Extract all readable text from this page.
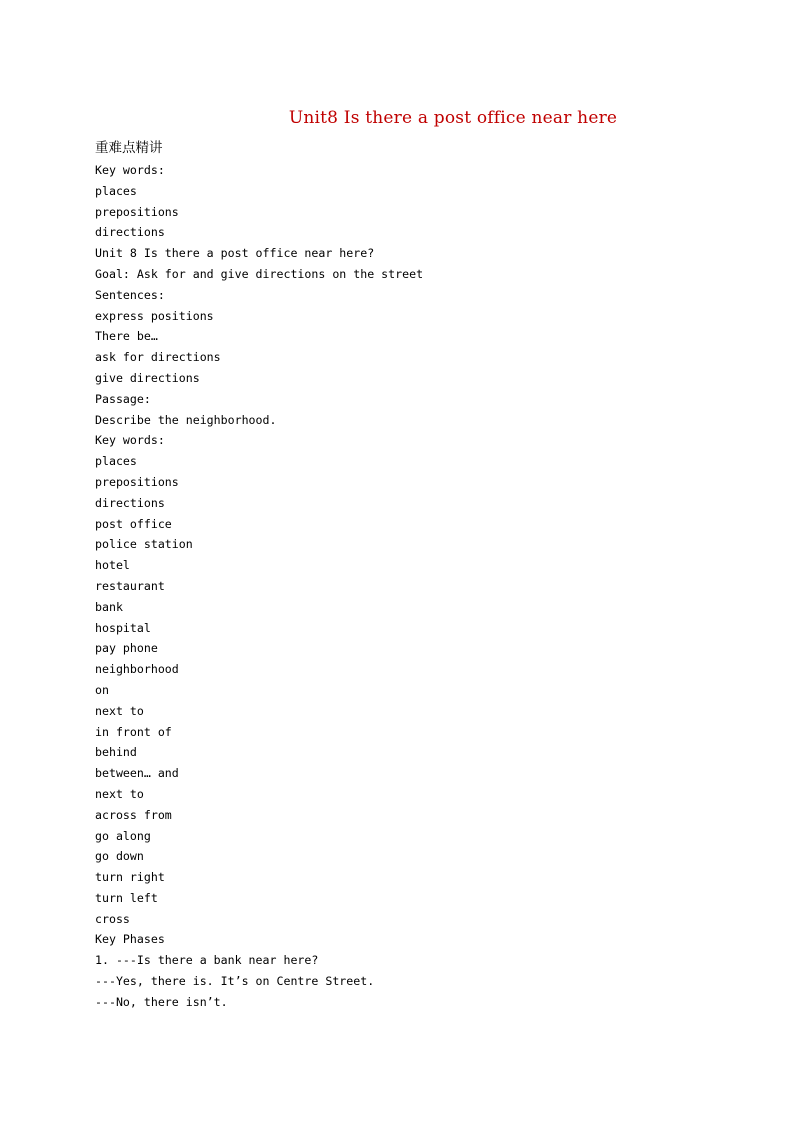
Unit8 Is there a post office near here
重难点精讲
Key words:
places
prepositions
directions
Unit 8 Is there a post office near here?
Goal: Ask for and give directions on the street
Sentences:
express positions
There be…
ask for directions
give directions
Passage:
Describe the neighborhood.
Key words:
places
prepositions
directions
post office
police station
hotel
restaurant
bank
hospital
pay phone
neighborhood
on
next to
in front of
behind
between… and
next to
across from
go along
go down
turn right
turn left
cross
Key Phases
1. ---Is there a bank near here?
---Yes, there is. It’s on Centre Street.
---No, there isn’t.
